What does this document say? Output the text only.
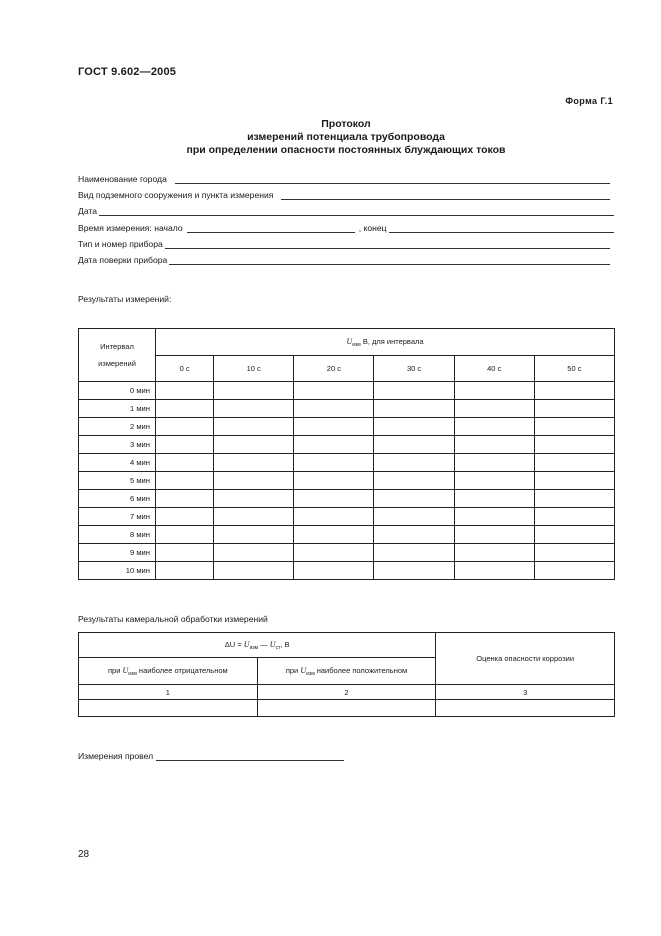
ГОСТ 9.602—2005
Форма Г.1
Протокол
измерений потенциала трубопровода
при определении опасности постоянных блуждающих токов
Наименование города
Вид подземного сооружения и пункта измерения
Дата
Время измерения: начало	, конец
Тип и номер прибора
Дата поверки прибора
Результаты измерений:
Интервал
измерений	$U_{изм}$ В, для интервала					
	0 с	10 с	20 с	30 с	40 с	50 с
0 мин						
1 мин						
2 мин						
3 мин						
4 мин						
5 мин						
6 мин						
7 мин						
8 мин						
9 мин						
10 мин						
Результаты камеральной обработки измерений
$\Delta U = U_{изм}$ — $U_{ст}$, В		Оценка опасности коррозии
при $U_{изм}$ наиболее отрицательном	при $U_{изм}$ наиболее положительном	
1	2	3

Измерения провел
28
